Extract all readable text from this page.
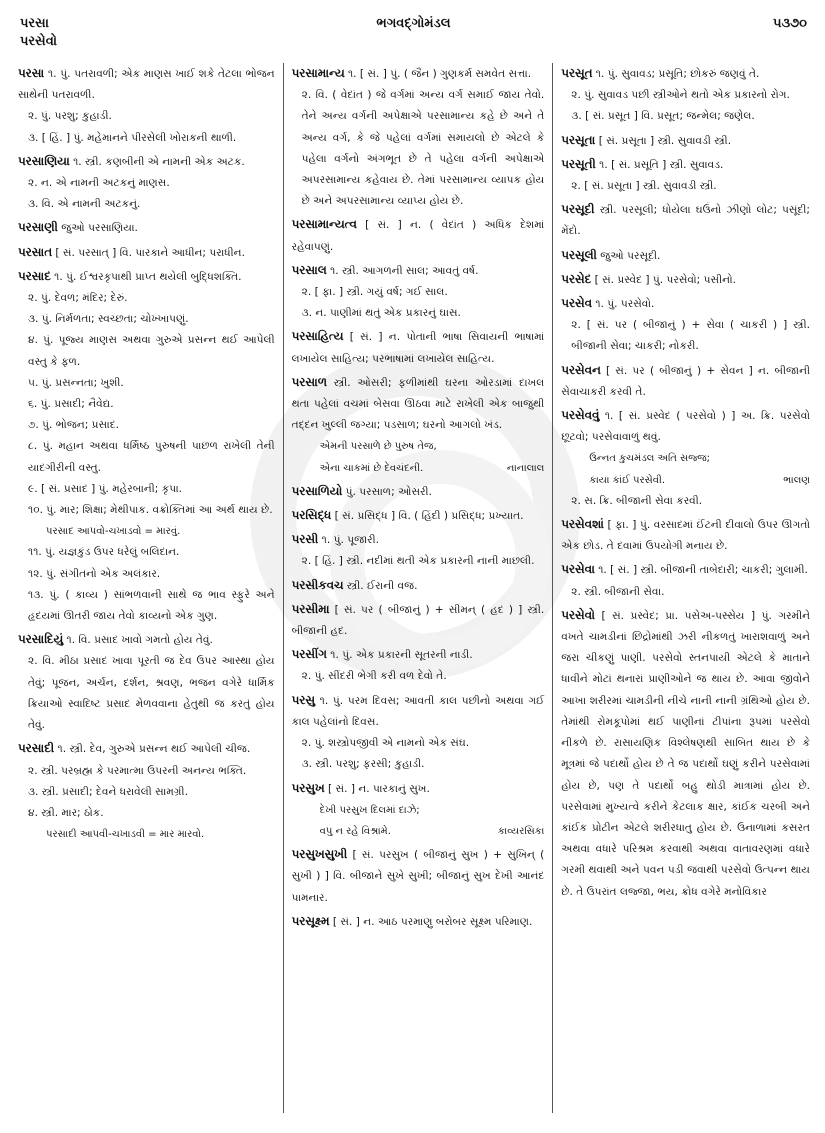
પરસા
પરસેવો
ભગવદ્ગોમંડલ	૫૩૭૦
પરસા ૧. પું. પતરાવળી; એક માણસ ખાઈ શકે તેટલા ભોજન સાથેની પતરાવળી.
૨. પું. પરશુ; કુહાડી.
૩. [ હિં. ] પું. મહેમાનને પીરસેલી ખોરાકની થાળી.
પરસાણિયા ૧. સ્ત્રી. કણબીની એ નામની એક અટક.
૨. ન. એ નામની અટકનું માણસ.
૩. વિ. એ નામની અટકનું.
પરસાણી જુઓ પરસાણિયા.
પરસાત [ સં. પરસાત્ ] વિ. પારકાને આધીન; પરાધીન.
પરસાદ ૧. પું. ઈશ્વરકૃપાથી પ્રાપ્ત થયેલી બુદ્ધિશક્તિ.
૨. પું. દેવળ; મંદિર; દેરું.
૩. પું. નિર્મળતા; સ્વચ્છતા; ચોખ્ખાપણું.
૪. પું. પૂજ્ય માણસ અથવા ગુરુએ પ્રસન્ન થઈ આપેલી વસ્તુ કે ફળ.
૫. પું. પ્રસન્નતા; ખુશી.
૬. પું. પ્રસાદી; નૈવેદ્ય.
૭. પું. ભોજન; પ્રસાદ.
૮. પું. મહાન અથવા ધર્મિષ્ઠ પુરુષની પાછળ રાખેલી તેની યાદગીરીની વસ્તુ.
૯. [ સં. પ્રસાદ ] પું. મહેરબાની; કૃપા.
૧૦. પું. માર; શિક્ષા; મેથીપાક. વક્રોક્તિમાં આ અર્થ થાય છે.
પરસાદ આપવો-ચખાડવો = મારવું.
૧૧. પું. યજ્ઞકુંડ ઉપર ધરેલું બલિદાન.
૧૨. પું. સંગીતનો એક અલંકાર.
૧૩. પું. ( કાવ્ય ) સાંભળવાની સાથે જ ભાવ સ્ફુરે અને હૃદયમાં ઊતરી જાય તેવો કાવ્યનો એક ગુણ.
પરસાદિયું ૧. વિ. પ્રસાદ ખાવો ગમતો હોય તેવું.
૨. વિ. મીઠા પ્રસાદ ખાવા પૂરતી જ દેવ ઉપર આસ્થા હોય તેવું; પૂજન, અર્ચન, દર્શન, શ્રવણ, ભજન વગેરે ધાર્મિક ક્રિયાઓ સ્વાદિષ્ટ પ્રસાદ મેળવવાના હેતુથી જ કરતું હોય તેવું.
પરસાદી ૧. સ્ત્રી. દેવ, ગુરુએ પ્રસન્ન થઈ આપેલી ચીજ.
૨. સ્ત્રી. પરબ્રહ્મ કે પરમાત્મા ઉપરની અનન્ય ભક્તિ.
૩. સ્ત્રી. પ્રસાદી; દેવને ધરાવેલી સામગ્રી.
૪. સ્ત્રી. માર; ઠોક.
પરસાદી આપવી-ચખાડવી = માર મારવો.
પરસામાન્ય ૧. [ સં. ] પું. ( જૈન ) ગુણકર્મ સમવેત સત્તા.
૨. વિ. ( વેદાંત ) જે વર્ગમાં અન્ય વર્ગ સમાઈ જાય તેવો. તેને અન્ય વર્ગની અપેક્ષાએ પરસામાન્ય કહે છે અને તે અન્ય વર્ગ, કે જે પહેલાં વર્ગમાં સમાયલો છે એટલે કે પહેલા વર્ગનો અંગભૂત છે તે પહેલા વર્ગની અપેક્ષાએ અપરસામાન્ય કહેવાય છે. તેમાં પરસામાન્ય વ્યાપક હોય છે અને અપરસામાન્ય વ્યાપ્ય હોય છે.
પરસામાન્યત્વ [ સં. ] ન. ( વેદાંત ) અધિક દેશમાં રહેવાપણું.
પરસાલ ૧. સ્ત્રી. આગળની સાલ; આવતું વર્ષ.
૨. [ ફા. ] સ્ત્રી. ગયું વર્ષ; ગઈ સાલ.
૩. ન. પાણીમાં થતું એક પ્રકારનું ઘાસ.
પરસાહિત્ય [ સં. ] ન. પોતાની ભાષા સિવાયની ભાષામાં લખાયેલ સાહિત્ય; પરભાષામાં લખાયેલ સાહિત્ય.
પરસાળ સ્ત્રી. ઓસરી; ફળીમાંથી ઘરના ઓરડામાં દાખલ થતા પહેલાં વચમાં બેસવા ઊઠવા માટે રાખેલી એક બાજુથી તદ્દન ખુલ્લી જગ્યા; પડસાળ; ઘરનો આગલો ખંડ.
એમની પરસાળે છે પુરુષ તેજ,
એના ચાકમાં છે દેવચંદની.	નાનાલાલ
પરસાળિયો પું. પરસાળ; ઓસરી.
પરસિદ્ધ [ સં. પ્રસિદ્ધ ] વિ. ( હિંદી ) પ્રસિદ્ધ; પ્રખ્યાત.
પરસી ૧. પું. પૂજારી.
૨. [ હિં. ] સ્ત્રી. નદીમાં થતી એક પ્રકારની નાની માછલી.
પરસીકવચ સ્ત્રી. ઈરાની વજ.
પરસીમા [ સં. પર ( બીજાનું ) + સીમન્ ( હદ ) ] સ્ત્રી. બીજાની હદ.
પરસીંગ ૧. પું. એક પ્રકારની સૂતરની નાડી.
૨. પું. સીંદરી ભેગી કરી વળ દેવો તે.
પરસુ ૧. પું. પરમ દિવસ; આવતી કાલ પછીનો અથવા ગઈ કાલ પહેલાંનો દિવસ.
૨. પું. શસ્ત્રોપજીવી એ નામનો એક સંઘ.
૩. સ્ત્રી. પરશુ; ફરસી; કુહાડી.
પરસુખ [ સં. ] ન. પારકાનું સુખ.
દેખી પરસુખ દિલમાં દાઝે;
વપુ ન રહે વિશ્રામે.	કાવ્યરસિકા
પરસુખસુખી [ સં. પરસુખ ( બીજાનું સુખ ) + સુખિન્ ( સુખી ) ] વિ. બીજાને સુખે સુખી; બીજાનું સુખ દેખી આનંદ પામનાર.
પરસૂક્ષ્મ [ સં. ] ન. આઠ પરમાણુ બરોબર સૂક્ષ્મ પરિમાણ.
પરસૂત ૧. પું. સુવાવડ; પ્રસૂતિ; છોકરું જણવું તે.
૨. પું. સુવાવડ પછી સ્ત્રીઓને થતો એક પ્રકારનો રોગ.
૩. [ સં. પ્રસૂત ] વિ. પ્રસૂત; જન્મેલ; જણેલ.
પરસૂતા [ સં. પ્રસૂતા ] સ્ત્રી. સુવાવડી સ્ત્રી.
પરસૂતી ૧. [ સં. પ્રસૂતિ ] સ્ત્રી. સુવાવડ.
૨. [ સં. પ્રસૂતા ] સ્ત્રી. સુવાવડી સ્ત્રી.
પરસૂદી સ્ત્રી. પરસૂલી; ધોયેલા ઘઉંનો ઝીણો લોટ; પસૂંદી; મેંદો.
પરસૂલી જુઓ પરસૂદી.
પરસેદ [ સં. પ્રસ્વેદ ] પું. પરસેવો; પસીનો.
પરસેવ ૧. પું. પરસેવો.
૨. [ સં. પર ( બીજાનું ) + સેવા ( ચાકરી ) ] સ્ત્રી. બીજાની સેવા; ચાકરી; નોકરી.
પરસેવન [ સં. પર ( બીજાનું ) + સેવન ] ન. બીજાની સેવાચાકરી કરવી તે.
પરસેવવું ૧. [ સં. પ્રસ્વેદ ( પરસેવો ) ] અ. ક્રિ. પરસેવો છૂટવો; પરસેવાવાળું થવું.
ઉન્નત કુચમંડલ અતિ સજ્જ;
કાયા કાંઈ પરસેવી.	ભાલણ
૨. સ. ક્રિ. બીજાની સેવા કરવી.
પરસેવશાં [ ફા. ] પું. વરસાદમાં ઈંટની દીવાલો ઉપર ઊગતો એક છોડ. તે દવામાં ઉપયોગી મનાય છે.
પરસેવા ૧. [ સં. ] સ્ત્રી. બીજાની તાબેદારી; ચાકરી; ગુલામી.
૨. સ્ત્રી. બીજાની સેવા.
પરસેવો [ સં. પ્રસ્વેદ; પ્રા. પસેઅ-પસ્સેય ] પું. ગરમીને વખતે ચામડીનાં છિદ્રોમાંથી ઝરી નીકળતું ખારાશવાળું અને જરા ચીકણું પાણી. પરસેવો સ્તનપાયી એટલે કે માતાને ધાવીને મોટાં થનારાં પ્રાણીઓને જ થાય છે. આવા જીવોને આખા શરીરમાં ચામડીની નીચે નાની નાની ગ્રંથિઓ હોય છે. તેમાંથી રોમકૂપોમાં થઈ પાણીનાં ટીપાંના રૂપમાં પરસેવો નીકળે છે. રાસાયણિક વિશ્લેષણથી સાબિત થાય છે કે મૂત્રમાં જે પદાર્થો હોય છે તે જ પદાર્થો ઘણું કરીને પરસેવામાં હોય છે, પણ તે પદાર્થો બહુ થોડી માત્રામાં હોય છે. પરસેવામાં મુખ્યત્વે કરીને કેટલાક ક્ષાર, કાંઈક ચરબી અને કાંઈક પ્રોટીન એટલે શરીરધાતુ હોય છે. ઉનાળામાં કસરત અથવા વધારે પરિશ્રમ કરવાથી અથવા વાતાવરણમાં વધારે ગરમી થવાથી અને પવન પડી જવાથી પરસેવો ઉત્પન્ન થાય છે. તે ઉપરાંત લજ્જા, ભય, ક્રોધ વગેરે મનોવિકાર
